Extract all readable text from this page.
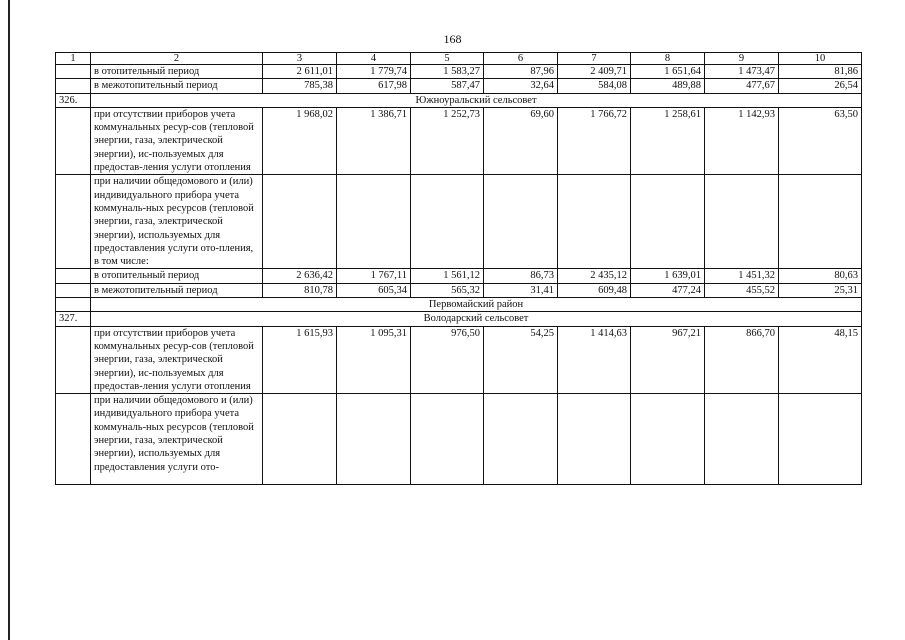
168
1	2	3	4	5	6	7	8	9	10
	в отопительный период	2 611,01	1 779,74	1 583,27	87,96	2 409,71	1 651,64	1 473,47	81,86
	в межотопительный период	785,38	617,98	587,47	32,64	584,08	489,88	477,67	26,54
326.	Южноуральский сельсовет								
	при отсутствии приборов учета коммунальных ресур-сов (тепловой энергии, газа, электрической энергии), ис-пользуемых для предостав-ления услуги отопления	1 968,02	1 386,71	1 252,73	69,60	1 766,72	1 258,61	1 142,93	63,50
	при наличии общедомового и (или) индивидуального прибора учета коммуналь-ных ресурсов (тепловой энергии, газа, электрической энергии), используемых для предоставления услуги ото-пления, в том числе:								
	в отопительный период	2 636,42	1 767,11	1 561,12	86,73	2 435,12	1 639,01	1 451,32	80,63
	в межотопительный период	810,78	605,34	565,32	31,41	609,48	477,24	455,52	25,31
	Первомайский район								
327.	Володарский сельсовет								
	при отсутствии приборов учета коммунальных ресур-сов (тепловой энергии, газа, электрической энергии), ис-пользуемых для предостав-ления услуги отопления	1 615,93	1 095,31	976,50	54,25	1 414,63	967,21	866,70	48,15
	при наличии общедомового и (или) индивидуального прибора учета коммуналь-ных ресурсов (тепловой энергии, газа, электрической энергии), используемых для предоставления услуги ото-								
